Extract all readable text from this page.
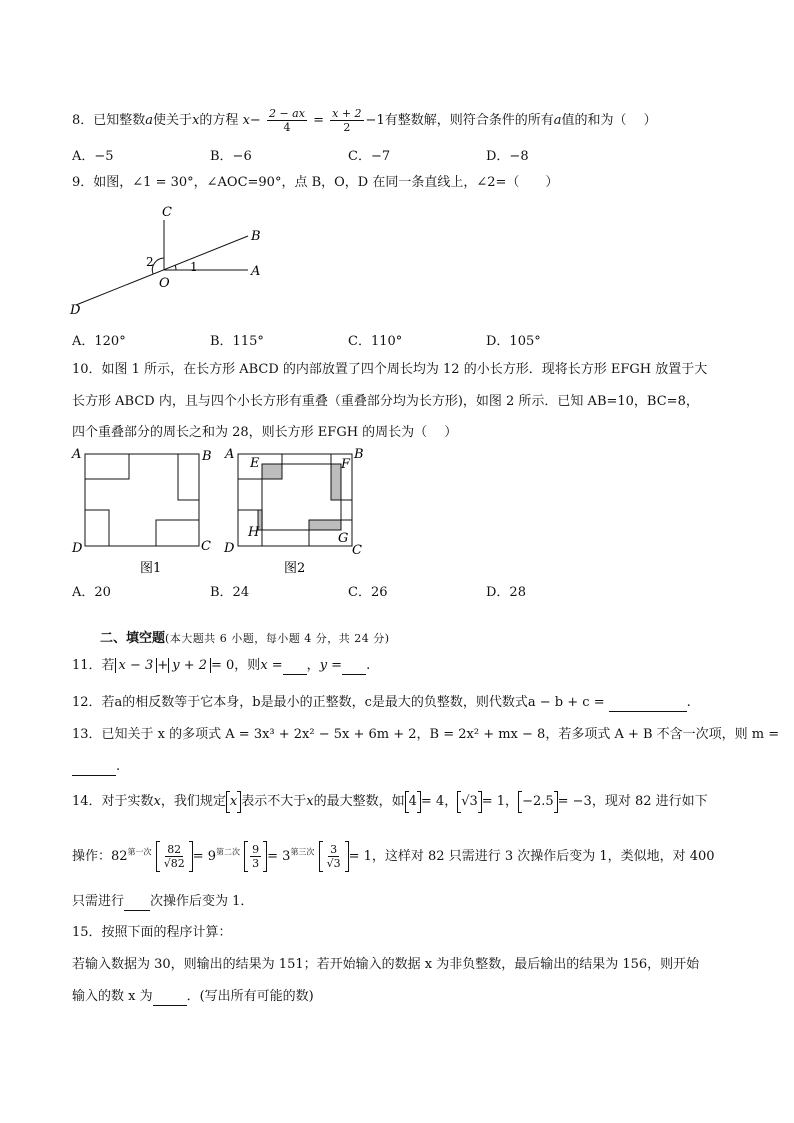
8．已知整数a使关于x的方程 $x- \frac{2 - ax}{4} = \frac{x + 2}{2} -1$有整数解，则符合条件的所有a值的和为（　 ）
A．−5	B．−6	C．−7	D．−8
9．如图，∠1 = 30°，∠AOC=90°，点 B，O，D 在同一条直线上，∠2=（　　）
C
B
A
O
D
2	1
A．120°	B．115°	C．110°	D．105°
10．如图 1 所示，在长方形 ABCD 的内部放置了四个周长均为 12 的小长方形．现将长方形 EFGH 放置于大
长方形 ABCD 内，且与四个小长方形有重叠（重叠部分均为长方形)，如图 2 所示．已知 AB=10，BC=8，
四个重叠部分的周长之和为 28，则长方形 EFGH 的周长为（　 ）
A	B
C
D
图1
A	B
C
D
E	F
G
H
图2
A．20	B．24	C．26	D．28
二、填空题(本大题共 6 小题，每小题 4 分，共 24 分)
11．若 x − 3 + y + 2 = 0，则x = ，y = .
12．若a的相反数等于它本身，b是最小的正整数，c是最大的负整数，则代数式a − b + c =	.
13．已知关于 x 的多项式 A = 3x³ + 2x² − 5x + 6m + 2，B = 2x² + mx − 8，若多项式 A + B 不含一次项，则 m =
.
14．对于实数x，我们规定 x 表示不大于x的最大整数，如 4 = 4， √3 = 1， −2.5 = −3，现对 82 进行如下
操作：$82^{第一次} \frac{82}{√82} = 9^{第二次} \frac{9}{3} = 3^{第三次} \frac{3}{√3} = 1$，这样对 82 只需进行 3 次操作后变为 1，类似地，对 400
只需进行 次操作后变为 1．
15．按照下面的程序计算：
若输入数据为 30，则输出的结果为 151；若开始输入的数据 x 为非负整数，最后输出的结果为 156，则开始
输入的数 x 为	．(写出所有可能的数)
